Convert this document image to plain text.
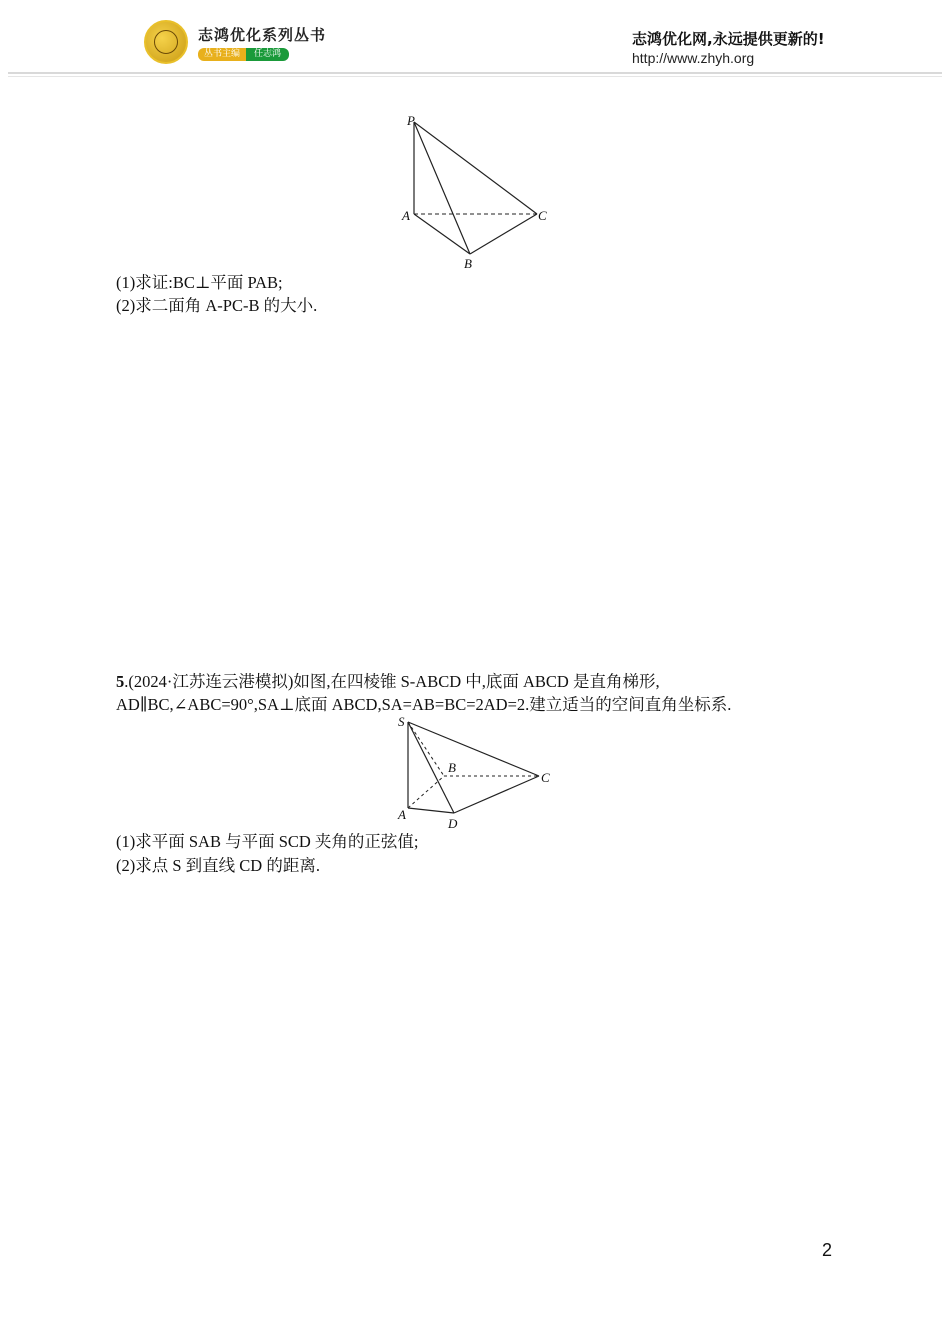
志鸿优化系列丛书
丛书主编	任志鸿
志鸿优化网,永远提供更新的!
http://www.zhyh.org
P
A
B
C
(1)求证:BC⊥平面 PAB;
(2)求二面角 A-PC-B 的大小.
5.(2024·江苏连云港模拟)如图,在四棱锥 S-ABCD 中,底面 ABCD 是直角梯形,
AD∥BC,∠ABC=90°,SA⊥底面 ABCD,SA=AB=BC=2AD=2.建立适当的空间直角坐标系.
S
A
B
C
D
(1)求平面 SAB 与平面 SCD 夹角的正弦值;
(2)求点 S 到直线 CD 的距离.
2
